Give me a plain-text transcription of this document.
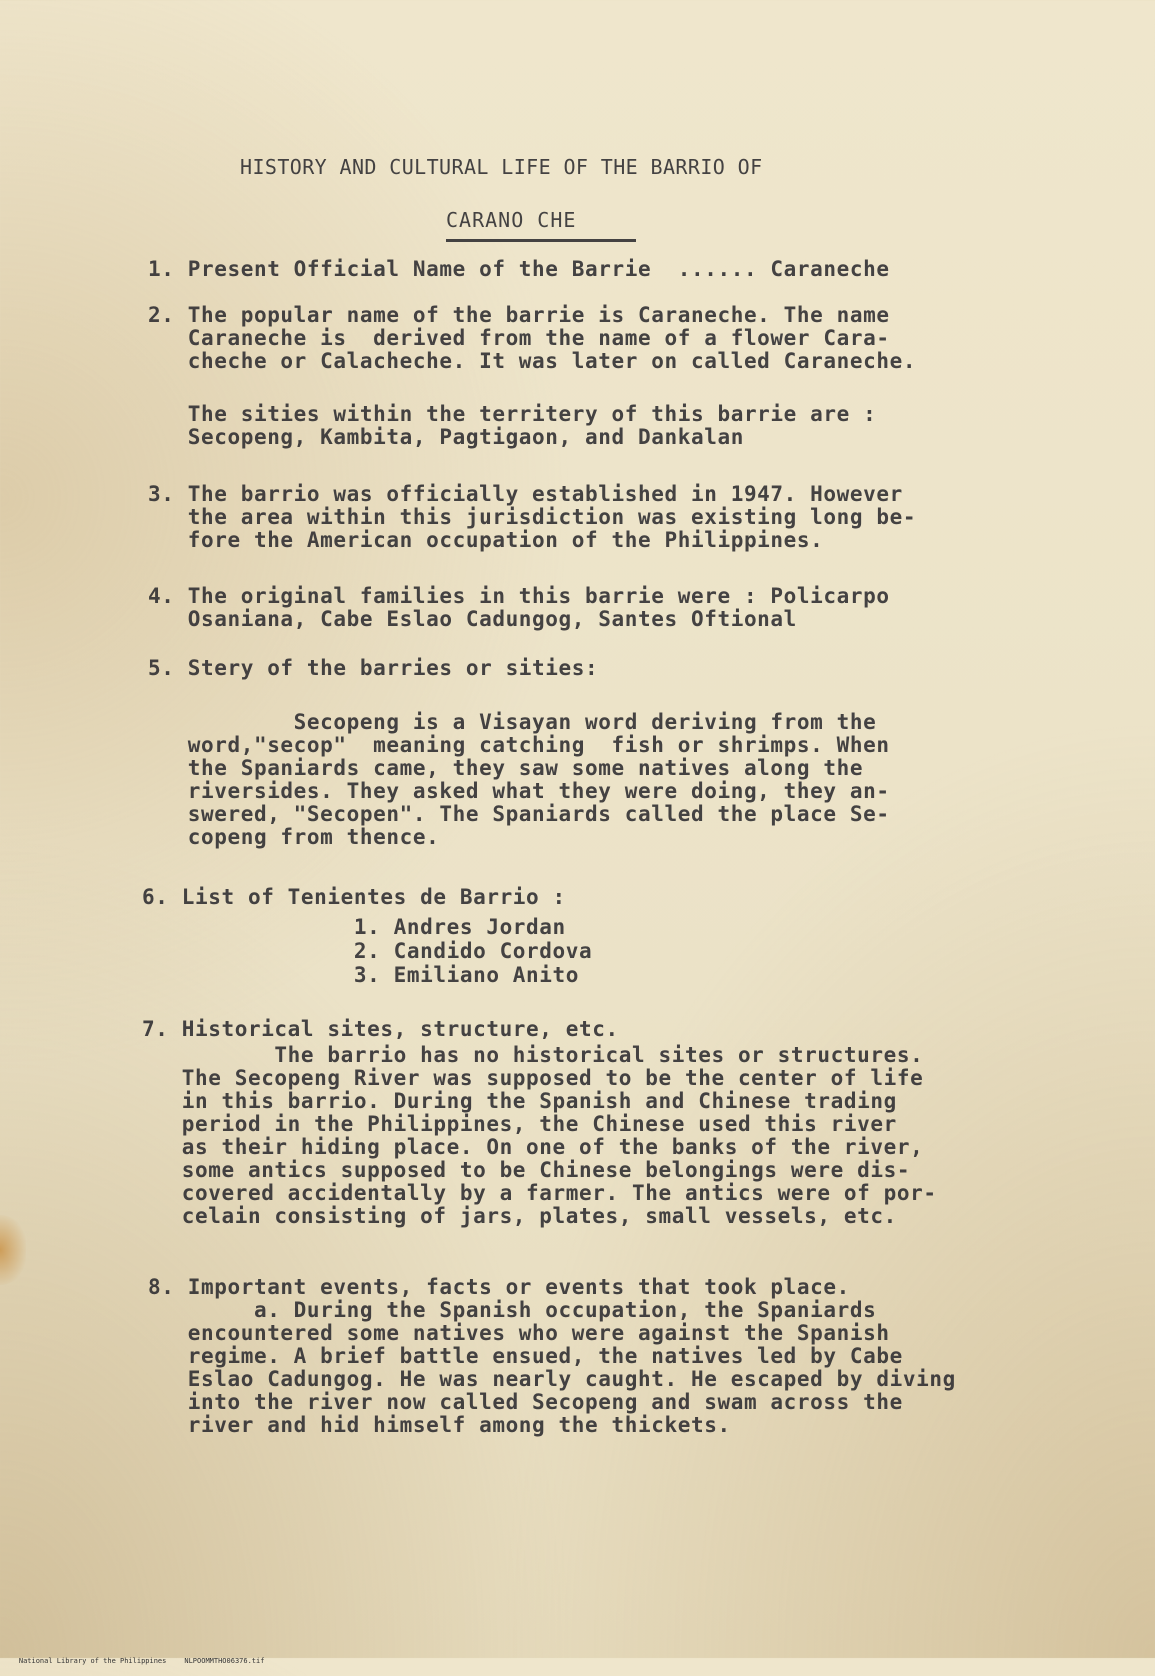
HISTORY AND CULTURAL LIFE OF THE BARRIO OF
CARANO CHE
1. Present Official Name of the Barrie  ...... Caraneche
2. The popular name of the barrie is Caraneche. The name
Caraneche is  derived from the name of a flower Cara-
cheche or Calacheche. It was later on called Caraneche.
The sities within the territery of this barrie are :
Secopeng, Kambita, Pagtigaon, and Dankalan
3. The barrio was officially established in 1947. However
the area within this jurisdiction was existing long be-
fore the American occupation of the Philippines.
4. The original families in this barrie were : Policarpo
Osaniana, Cabe Eslao Cadungog, Santes Oftional
5. Stery of the barries or sities:
Secopeng is a Visayan word deriving from the
word,"secop"  meaning catching  fish or shrimps. When
the Spaniards came, they saw some natives along the
riversides. They asked what they were doing, they an-
swered, "Secopen". The Spaniards called the place Se-
copeng from thence.
6. List of Tenientes de Barrio :
1. Andres Jordan
2. Candido Cordova
3. Emiliano Anito
7. Historical sites, structure, etc.
The barrio has no historical sites or structures.
The Secopeng River was supposed to be the center of life
in this barrio. During the Spanish and Chinese trading
period in the Philippines, the Chinese used this river
as their hiding place. On one of the banks of the river,
some antics supposed to be Chinese belongings were dis-
covered accidentally by a farmer. The antics were of por-
celain consisting of jars, plates, small vessels, etc.
8. Important events, facts or events that took place.
a. During the Spanish occupation, the Spaniards
encountered some natives who were against the Spanish
regime. A brief battle ensued, the natives led by Cabe
Eslao Cadungog. He was nearly caught. He escaped by diving
into the river now called Secopeng and swam across the
river and hid himself among the thickets.

National Library of the Philippines	NLPOOMMTHO06376.tif
